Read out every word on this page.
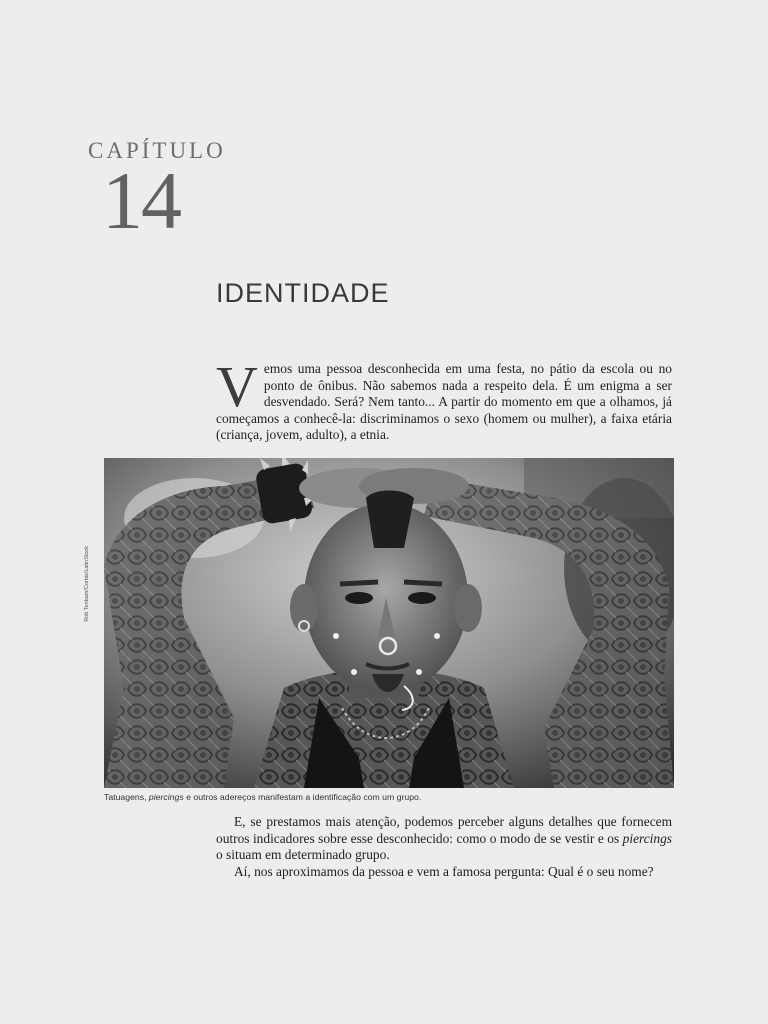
CAPÍTULO
14
IDENTIDADE
V emos uma pessoa desconhecida em uma festa, no pátio da escola ou no ponto de ônibus. Não sabemos nada a respeito dela. É um enigma a ser desvendado. Será? Nem tanto... A partir do momento em que a olhamos, já começamos a conhecê-la: discriminamos o sexo (homem ou mulher), a faixa etária (criança, jovem, adulto), a etnia.
Rob Tenbam/Corbis/LatinStock
Tatuagens, piercings e outros adereços manifestam a identificação com um grupo.

E, se prestamos mais atenção, podemos perceber alguns detalhes que fornecem outros indicadores sobre esse desconhecido: como o modo de se vestir e os piercings o situam em determinado grupo.

Aí, nos aproximamos da pessoa e vem a famosa pergunta: Qual é o seu nome?
